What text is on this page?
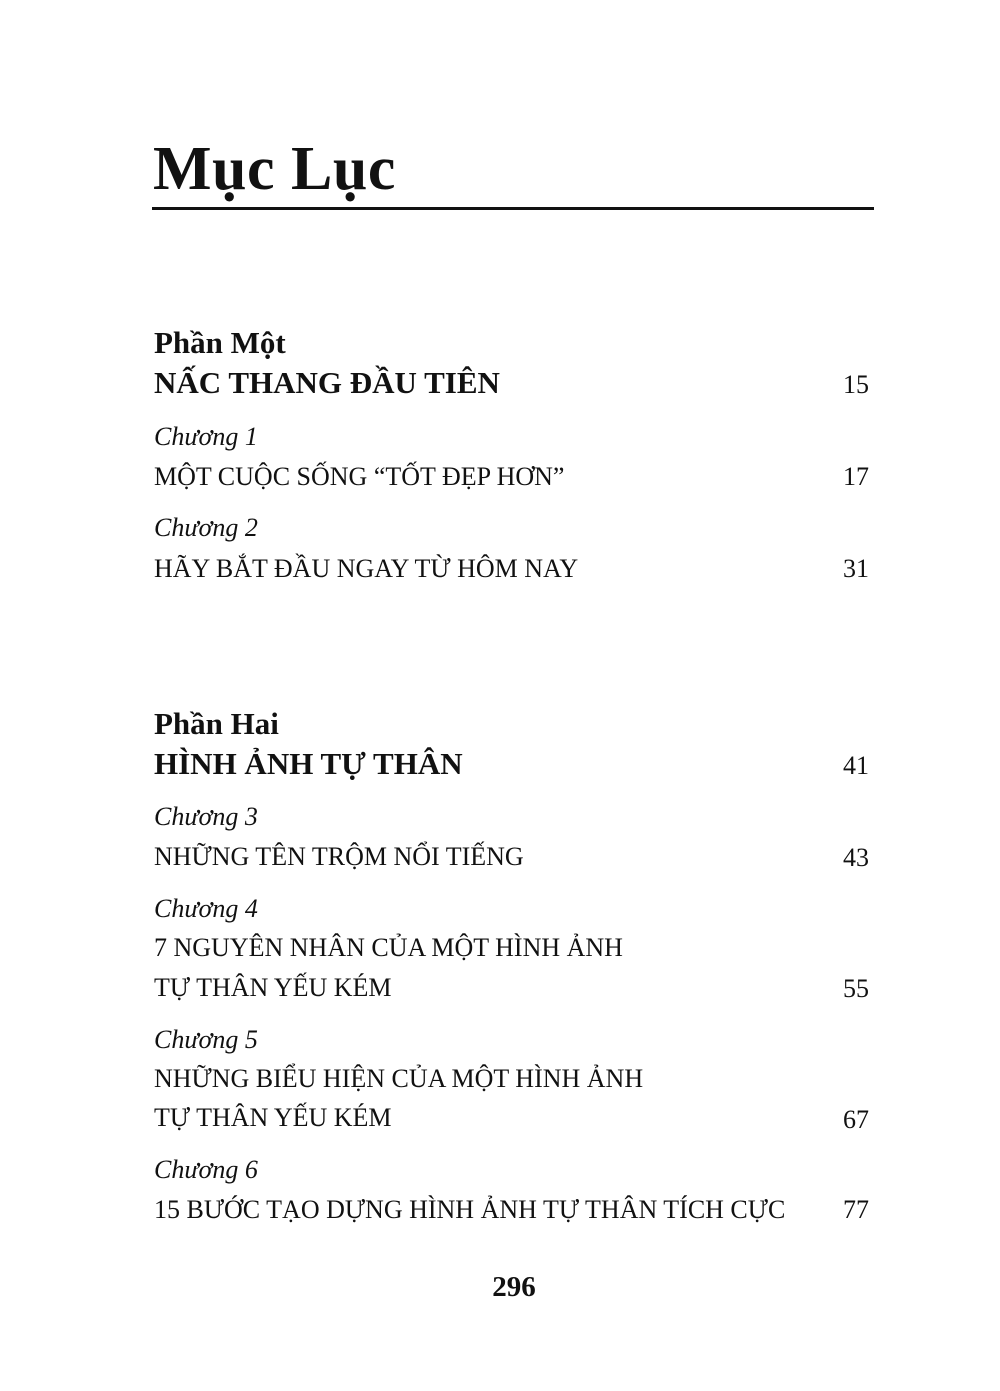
Mục Lục
Phần Một
NẤC THANG ĐẦU TIÊN	15
Chương 1
MỘT CUỘC SỐNG “TỐT ĐẸP HƠN”	17
Chương 2
HÃY BẮT ĐẦU NGAY TỪ HÔM NAY	31
Phần Hai
HÌNH ẢNH TỰ THÂN	41
Chương 3
NHỮNG TÊN TRỘM NỔI TIẾNG	43
Chương 4
7 NGUYÊN NHÂN CỦA MỘT HÌNH ẢNH
TỰ THÂN YẾU KÉM	55
Chương 5
NHỮNG BIỂU HIỆN CỦA MỘT HÌNH ẢNH
TỰ THÂN YẾU KÉM	67
Chương 6
15 BƯỚC TẠO DỰNG HÌNH ẢNH TỰ THÂN TÍCH CỰC 77
296
